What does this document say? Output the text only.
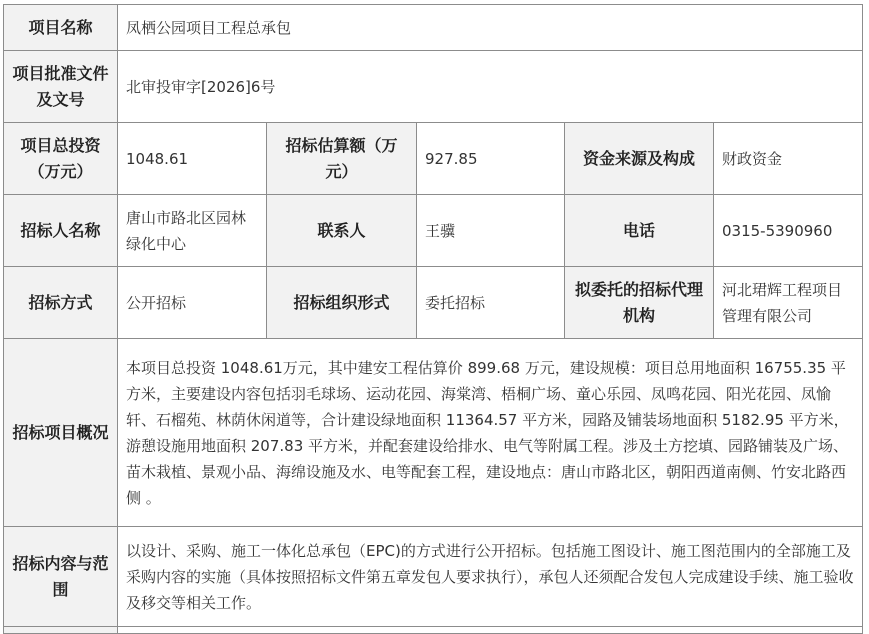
项目名称	凤栖公园项目工程总承包				
项目批准文件及文号	北审投审字[2026]6号				
项目总投资（万元）	1048.61	招标估算额（万元）	927.85	资金来源及构成	财政资金
招标人名称	唐山市路北区园林绿化中心	联系人	王骥	电话	0315-5390960
招标方式	公开招标	招标组织形式	委托招标	拟委托的招标代理机构	河北珺辉工程项目管理有限公司
招标项目概况	本项目总投资 1048.61万元，其中建安工程估算价 899.68 万元，建设规模：项目总用地面积 16755.35 平方米，主要建设内容包括羽毛球场、运动花园、海棠湾、梧桐广场、童心乐园、凤鸣花园、阳光花园、凤愉轩、石榴苑、林荫休闲道等，合计建设绿地面积 11364.57 平方米，园路及铺装场地面积 5182.95 平方米，游憩设施用地面积 207.83 平方米，并配套建设给排水、电气等附属工程。涉及土方挖填、园路铺装及广场、苗木栽植、景观小品、海绵设施及水、电等配套工程，建设地点：唐山市路北区，朝阳西道南侧、竹安北路西侧 。				
招标内容与范围	以设计、采购、施工一体化总承包（EPC)的方式进行公开招标。包括施工图设计、施工图范围内的全部施工及采购内容的实施（具体按照招标文件第五章发包人要求执行），承包人还须配合发包人完成建设手续、施工验收及移交等相关工作。				
